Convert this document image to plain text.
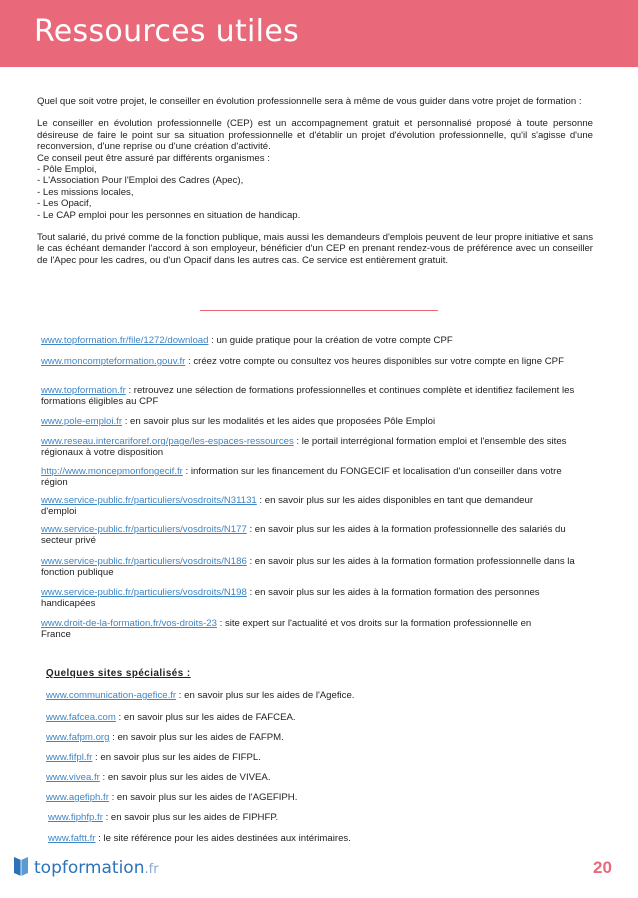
Ressources utiles

Quel que soit votre projet, le conseiller en évolution professionnelle sera à même de vous guider dans votre projet de formation :

Le conseiller en évolution professionnelle (CEP) est un accompagnement gratuit et personnalisé proposé à toute personne désireuse de faire le point sur sa situation professionnelle et d'établir un projet d'évolution professionnelle, qu'il s'agisse d'une reconversion, d'une reprise ou d'une création d'activité.

Ce conseil peut être assuré par différents organismes :

- Pôle Emploi,

- L'Association Pour l'Emploi des Cadres (Apec),

- Les missions locales,

- Les Opacif,

- Le CAP emploi pour les personnes en situation de handicap.

Tout salarié, du privé comme de la fonction publique, mais aussi les demandeurs d'emplois peuvent de leur propre initiative et sans le cas échéant demander l'accord à son employeur, bénéficier d'un CEP en prenant rendez-vous de préférence avec un conseiller de l'Apec pour les cadres, ou d'un Opacif dans les autres cas. Ce service est entièrement gratuit.

www.topformation.fr/file/1272/download : un guide pratique pour la création de votre compte CPF
www.moncompteformation.gouv.fr : créez votre compte ou consultez vos heures disponibles sur votre compte en ligne CPF
www.topformation.fr : retrouvez une sélection de formations professionnelles et continues complète et identifiez facilement les formations éligibles au CPF
www.pole-emploi.fr : en savoir plus sur les modalités et les aides que proposées Pôle Emploi
www.reseau.intercariforef.org/page/les-espaces-ressources : le portail interrégional formation emploi et l'ensemble des sites régionaux à votre disposition
http://www.moncepmonfongecif.fr : information sur les financement du FONGECIF et localisation d'un conseiller dans votre région
www.service-public.fr/particuliers/vosdroits/N31131 : en savoir plus sur les aides disponibles en tant que demandeur d'emploi
www.service-public.fr/particuliers/vosdroits/N177 : en savoir plus sur les aides à la formation professionnelle des salariés du secteur privé
www.service-public.fr/particuliers/vosdroits/N186 : en savoir plus sur les aides à la formation formation professionnelle dans la fonction publique
www.service-public.fr/particuliers/vosdroits/N198 : en savoir plus sur les aides à la formation formation des personnes handicapées
www.droit-de-la-formation.fr/vos-droits-23 : site expert sur l'actualité et vos droits sur la formation professionnelle en France
Quelques sites spécialisés :
www.communication-agefice.fr : en savoir plus sur les aides de l'Agefice.
www.fafcea.com : en savoir plus sur les aides de FAFCEA.
www.fafpm.org : en savoir plus sur les aides de FAFPM.
www.fifpl.fr : en savoir plus sur les aides de FIFPL.
www.vivea.fr : en savoir plus sur les aides de VIVEA.
www.agefiph.fr : en savoir plus sur les aides de l'AGEFIPH.
www.fiphfp.fr : en savoir plus sur les aides de FIPHFP.
www.faftt.fr : le site référence pour les aides destinées aux intérimaires.
topformation.fr	20
